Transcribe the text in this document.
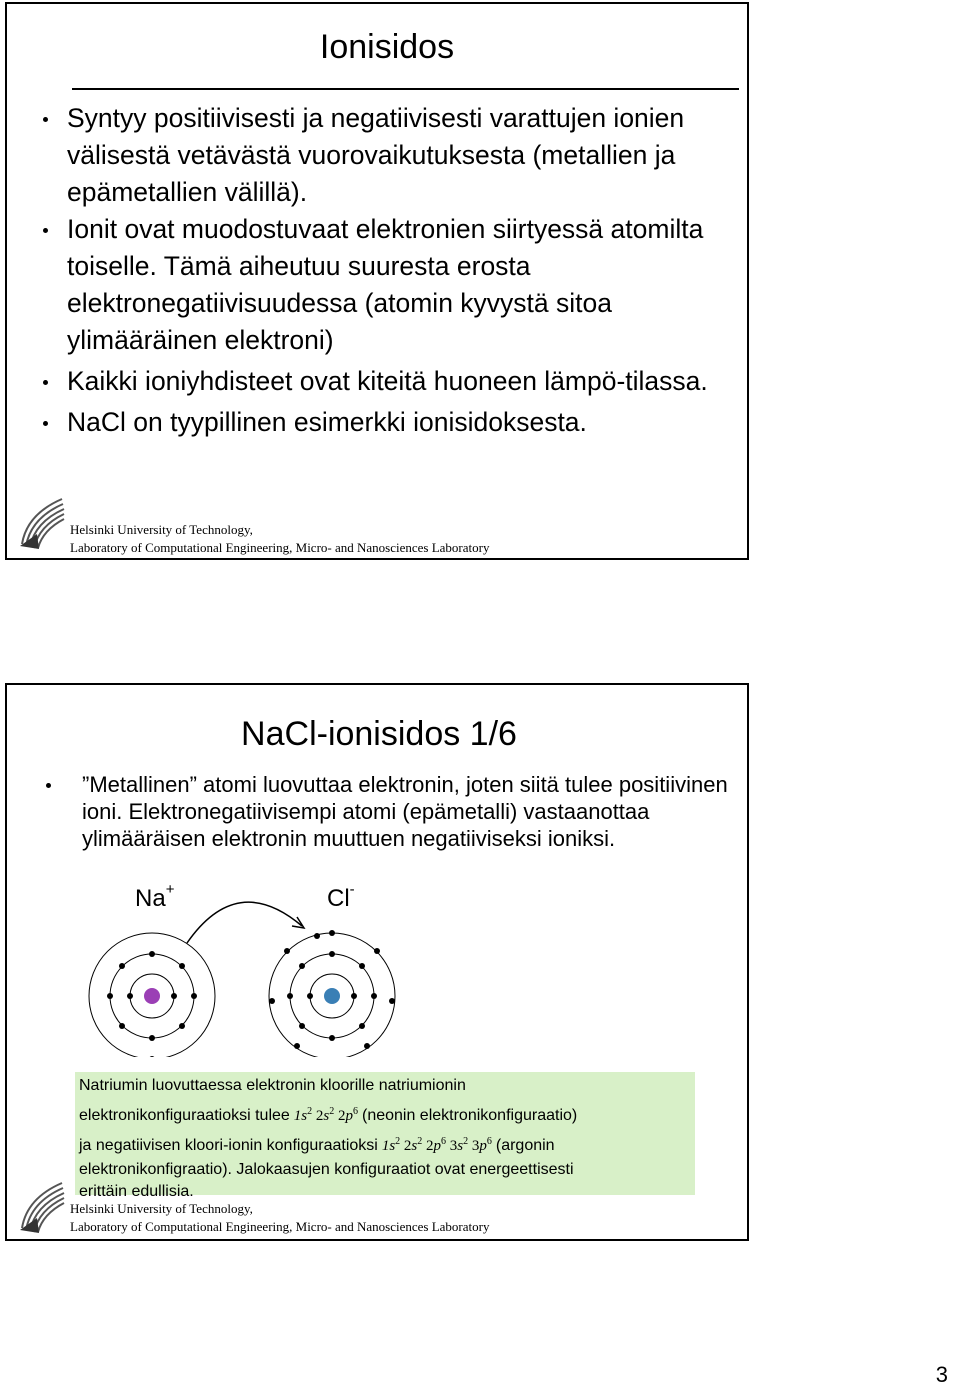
Ionisidos
Syntyy positiivisesti ja negatiivisesti varattujen ionien välisestä vetävästä vuorovaikutuksesta (metallien ja epämetallien välillä).
Ionit ovat muodostuvaat elektronien siirtyessä atomilta toiselle. Tämä aiheutuu suuresta erosta elektronegatiivisuudessa (atomin kyvystä sitoa ylimääräinen elektroni)
Kaikki ioniyhdisteet ovat kiteitä huoneen lämpö-tilassa.
NaCl on tyypillinen esimerkki ionisidoksesta.
Helsinki University of Technology,
Laboratory of Computational Engineering, Micro- and Nanosciences Laboratory
NaCl-ionisidos 1/6
”Metallinen” atomi luovuttaa elektronin, joten siitä tulee positiivinen ioni. Elektronegatiivisempi atomi (epämetalli) vastaanottaa ylimääräisen elektronin muuttuen negatiiviseksi ioniksi.
Na+	Cl-
Natriumin luovuttaessa elektronin kloorille natriumionin
elektronikonfiguraatioksi tulee $1s^2$ $2s^2$ $2p^6$ (neonin elektronikonfiguraatio)
ja negatiivisen kloori-ionin konfiguraatioksi $1s^2$ $2s^2$ $2p^6$ $3s^2$ $3p^6$ (argonin
elektronikonfigraatio). Jalokaasujen konfiguraatiot ovat energeettisesti
erittäin edullisia.
Helsinki University of Technology,
Laboratory of Computational Engineering, Micro- and Nanosciences Laboratory
3
